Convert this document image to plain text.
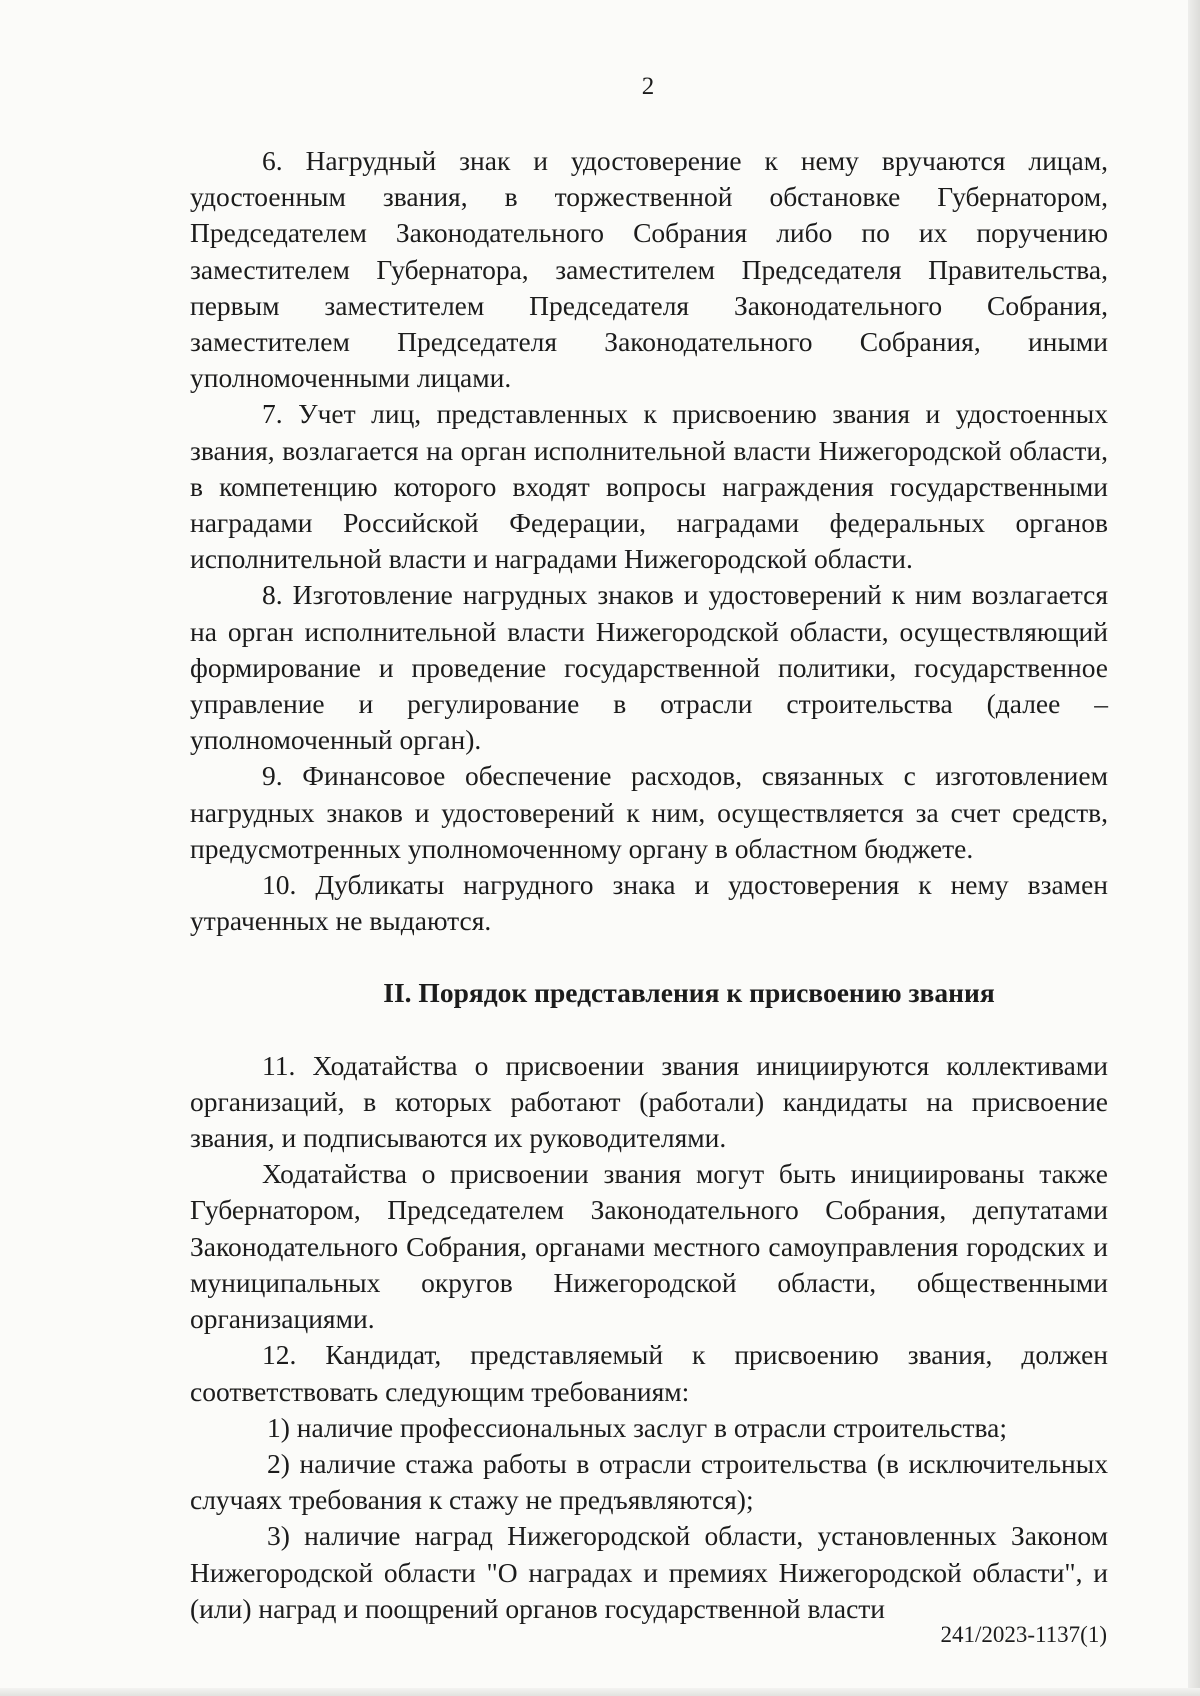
2

6. Нагрудный знак и удостоверение к нему вручаются лицам, удостоенным звания, в торжественной обстановке Губернатором, Председателем Законодательного Собрания либо по их поручению заместителем Губернатора, заместителем Председателя Правительства, первым заместителем Председателя Законодательного Собрания, заместителем Председателя Законодательного Собрания, иными уполномоченными лицами.

7. Учет лиц, представленных к присвоению звания и удостоенных звания, возлагается на орган исполнительной власти Нижегородской области, в компетенцию которого входят вопросы награждения государственными наградами Российской Федерации, наградами федеральных органов исполнительной власти и наградами Нижегородской области.

8. Изготовление нагрудных знаков и удостоверений к ним возлагается на орган исполнительной власти Нижегородской области, осуществляющий формирование и проведение государственной политики, государственное управление и регулирование в отрасли строительства (далее – уполномоченный орган).

9. Финансовое обеспечение расходов, связанных с изготовлением нагрудных знаков и удостоверений к ним, осуществляется за счет средств, предусмотренных уполномоченному органу в областном бюджете.

10. Дубликаты нагрудного знака и удостоверения к нему взамен утраченных не выдаются.

II. Порядок представления к присвоению звания

11. Ходатайства о присвоении звания инициируются коллективами организаций, в которых работают (работали) кандидаты на присвоение звания, и подписываются их руководителями.

Ходатайства о присвоении звания могут быть инициированы также Губернатором, Председателем Законодательного Собрания, депутатами Законодательного Собрания, органами местного самоуправления городских и муниципальных округов Нижегородской области, общественными организациями.

12. Кандидат, представляемый к присвоению звания, должен соответствовать следующим требованиям:

1) наличие профессиональных заслуг в отрасли строительства;

2) наличие стажа работы в отрасли строительства (в исключительных случаях требования к стажу не предъявляются);

3) наличие наград Нижегородской области, установленных Законом Нижегородской области "О наградах и премиях Нижегородской области", и (или) наград и поощрений органов государственной власти

241/2023-1137(1)
